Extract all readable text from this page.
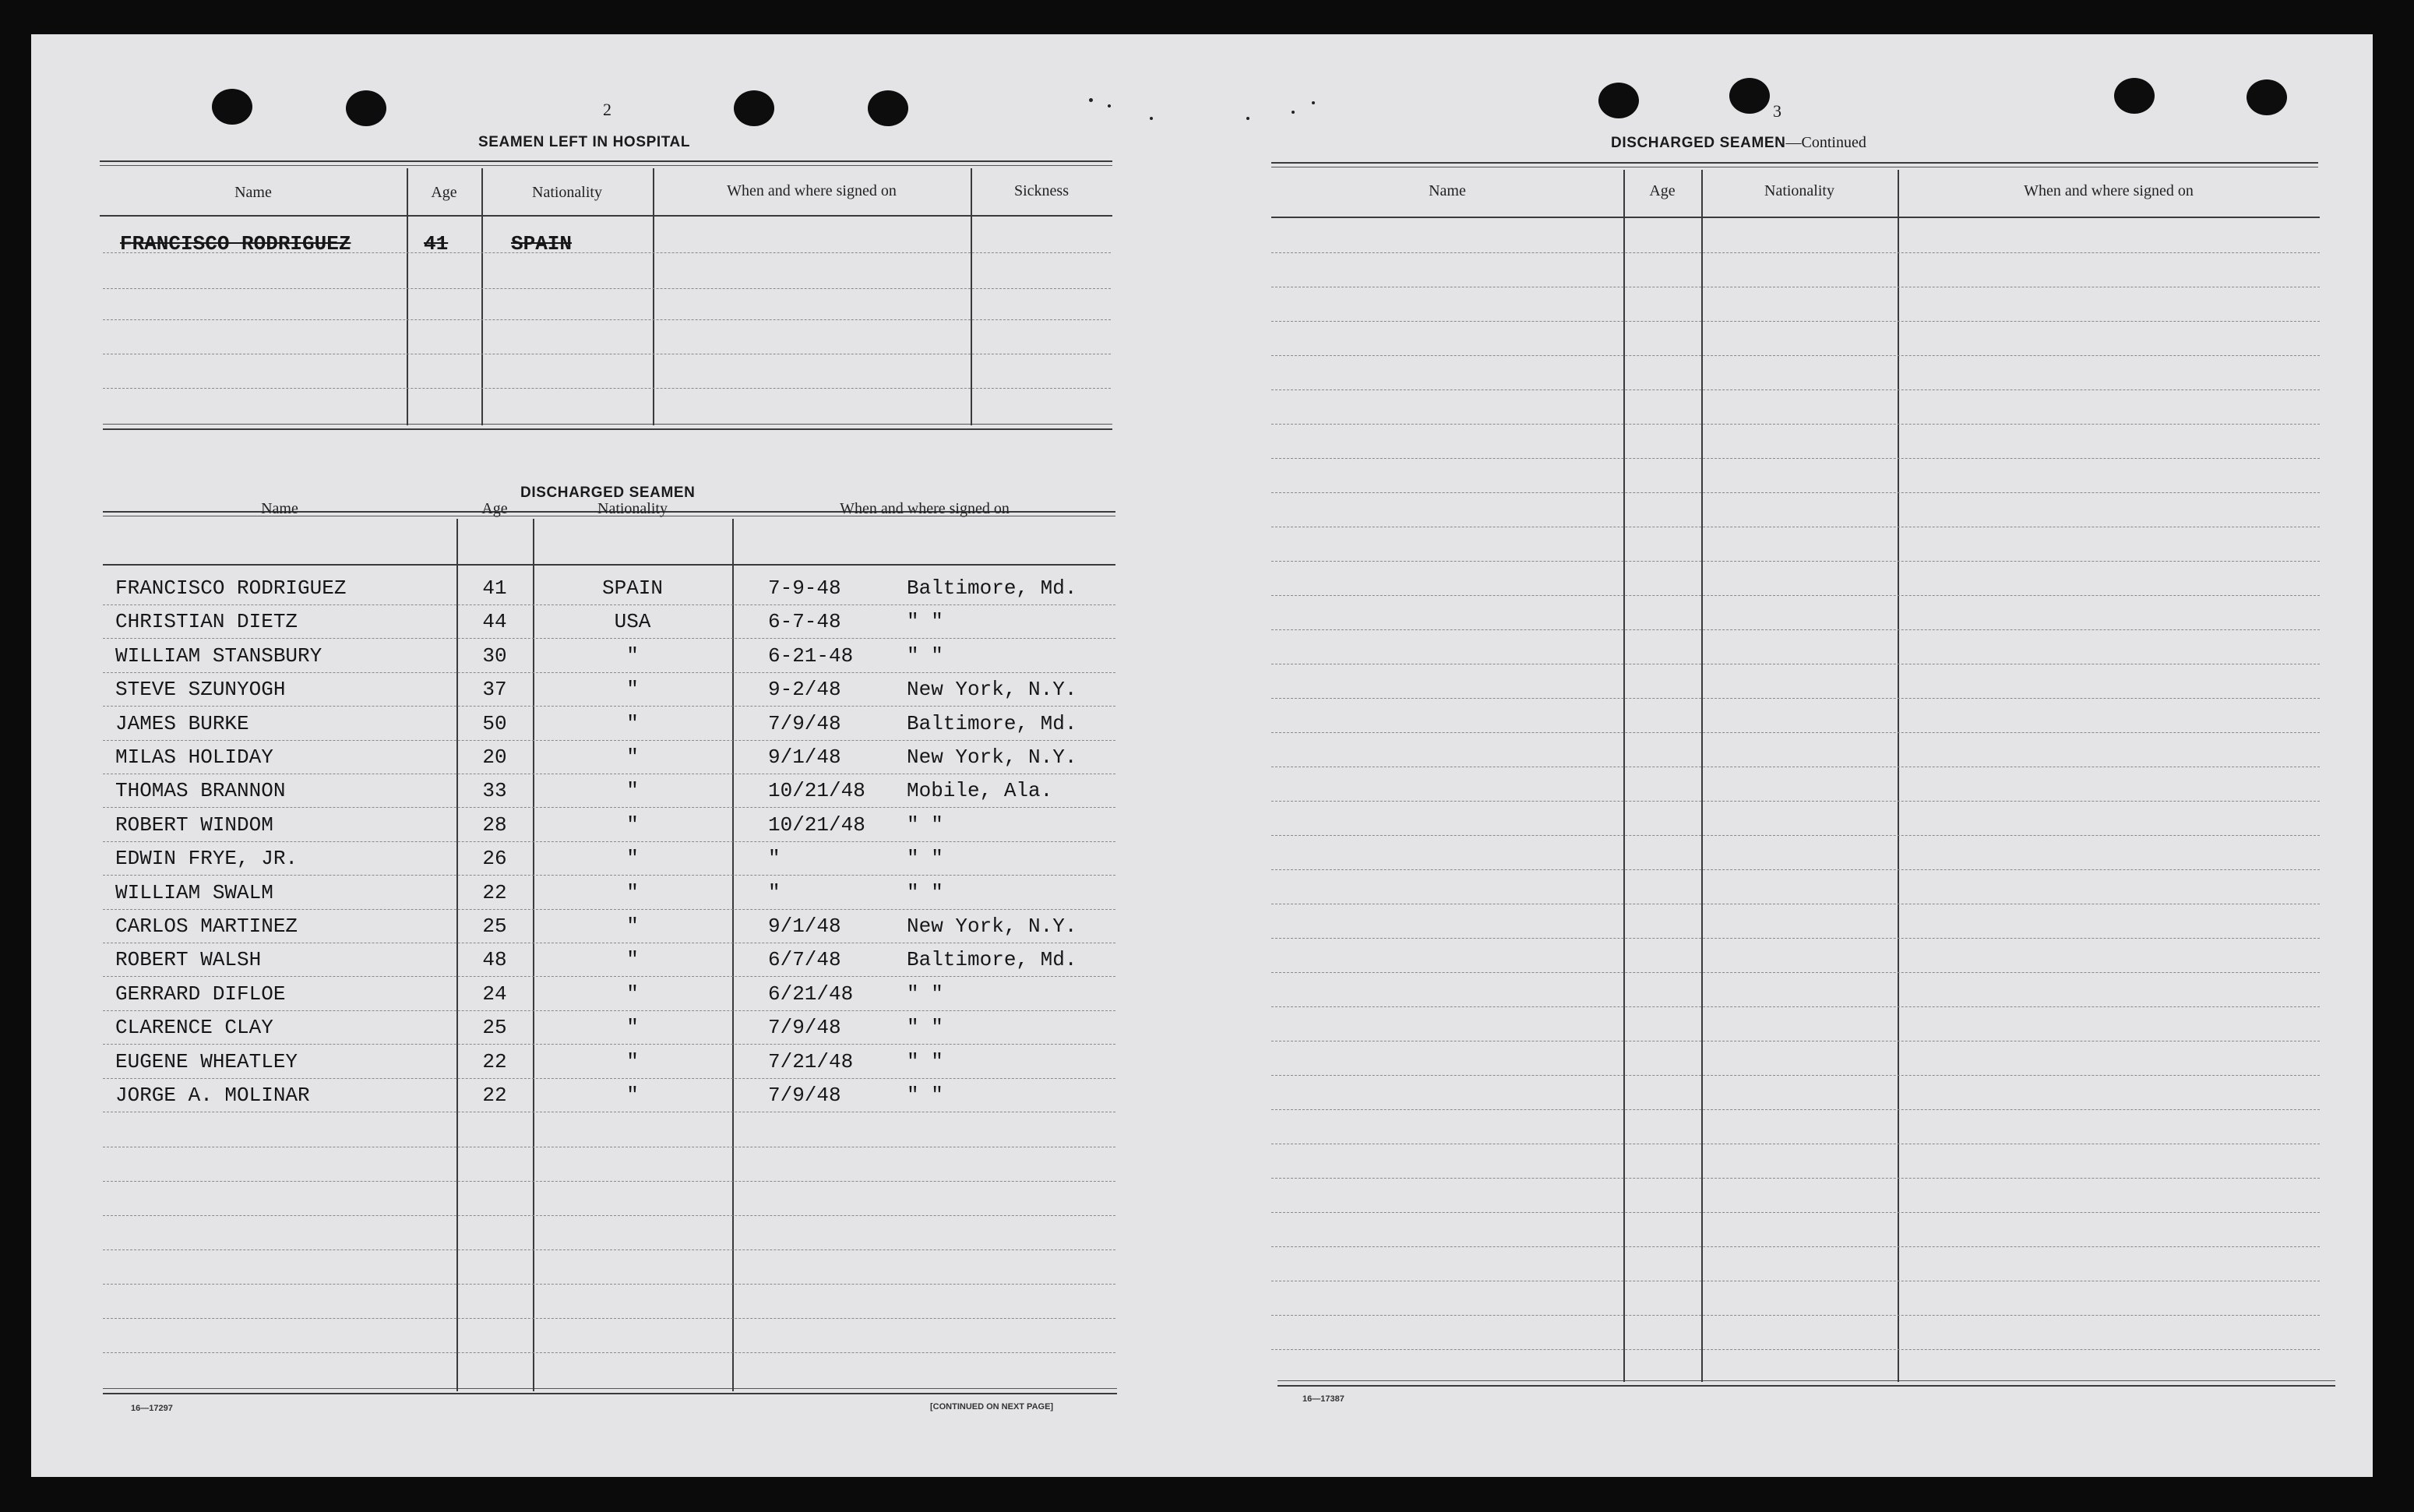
2
SEAMEN LEFT IN HOSPITAL
Name	Age	Nationality	When and where signed on	Sickness
FRANCISCO RODRIGUEZ	41	SPAIN
DISCHARGED SEAMEN
Name	Age	Nationality	When and where signed on
FRANCISCO RODRIGUEZ	41	SPAIN	7-9-48	Baltimore, Md.
CHRISTIAN DIETZ	44	USA	6-7-48	" "
WILLIAM STANSBURY	30	"	6-21-48	" "
STEVE SZUNYOGH	37	"	9-2/48	New York, N.Y.
JAMES BURKE	50	"	7/9/48	Baltimore, Md.
MILAS HOLIDAY	20	"	9/1/48	New York, N.Y.
THOMAS BRANNON	33	"	10/21/48 Mobile, Ala.
ROBERT WINDOM	28	"	10/21/48 " "
EDWIN FRYE, JR.	26	"	"	" "
WILLIAM SWALM	22	"	"	" "
CARLOS MARTINEZ	25	"	9/1/48	New York, N.Y.
ROBERT WALSH	48	"	6/7/48	Baltimore, Md.
GERRARD DIFLOE	24	"	6/21/48	" "
CLARENCE CLAY	25	"	7/9/48	" "
EUGENE WHEATLEY	22	"	7/21/48	" "
JORGE A. MOLINAR	22	"	7/9/48	" "
16—17297	[CONTINUED ON NEXT PAGE]
3
DISCHARGED SEAMEN—Continued
Name	Age	Nationality	When and where signed on
16—17387
